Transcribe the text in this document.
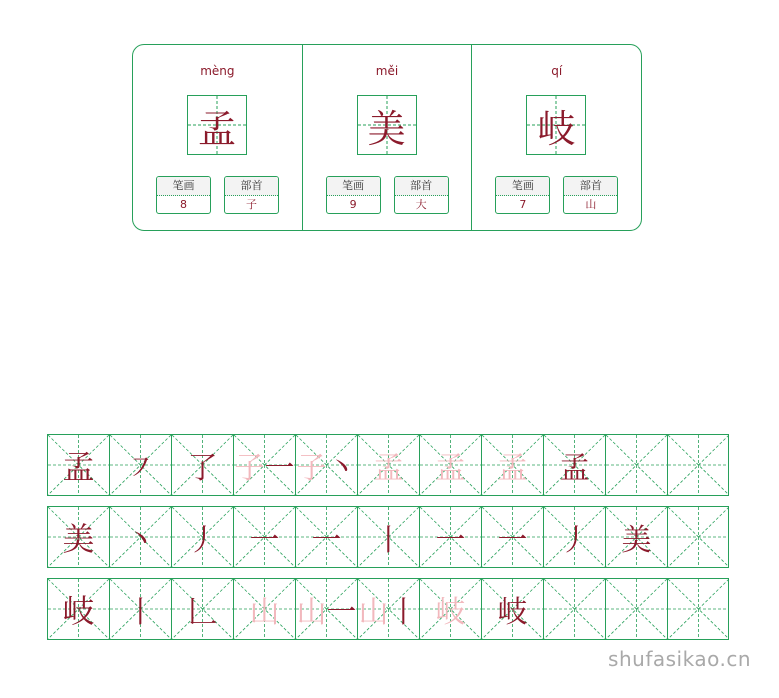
mèng
孟
笔画
8
部首
子
měi
美
笔画
9
部首
大
qí
岐
笔画
7
部首
山
孟	㇇ 了 子 一 子 丶 孟 孟 孟 孟
美	丶 丿 一 一 丨 一 一 丿 美
岐	丨 𠃊 山 山 一 山 丨 岐 岐
shufasikao.cn
